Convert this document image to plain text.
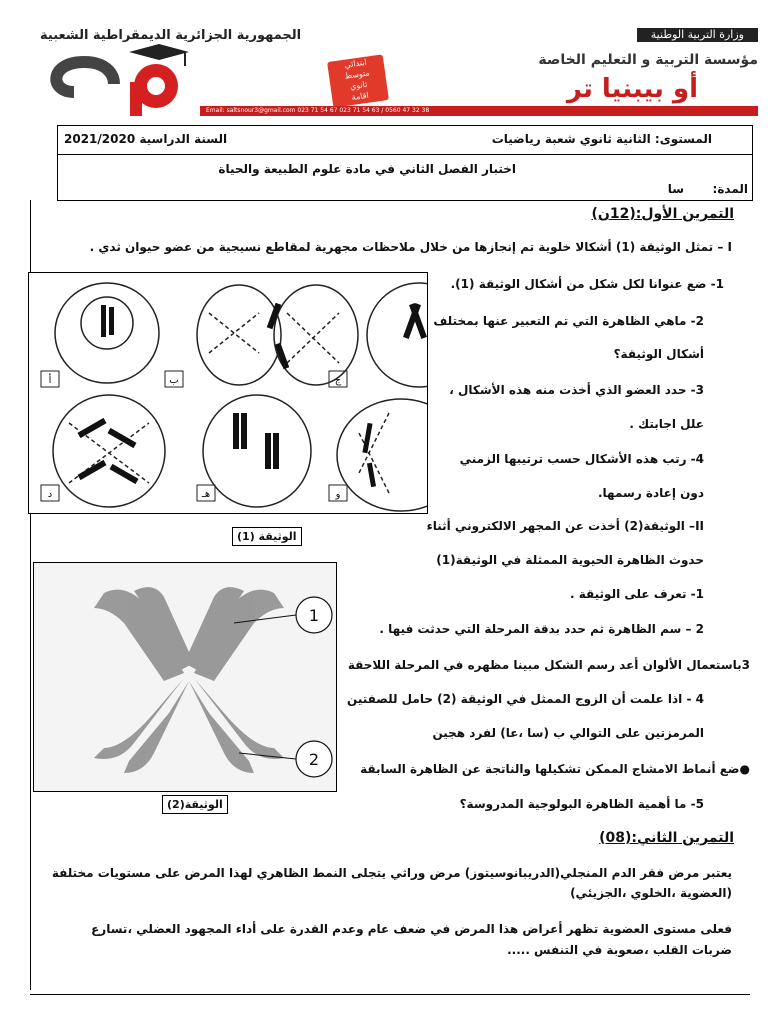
وزارة التربية الوطنية
الجمهورية الجزائرية الديمقراطية الشعبية
ابتدائي
متوسط
ثانوي
اقامة
مؤسسة التربية و التعليم الخاصة
أو بيبنيا تر
Email: saltsnour3@gmail.com 023 71 54 67 023 71 54 63 / 0560 47 32 38
المستوى: الثانية ثانوي شعبة رياضيات
السنة الدراسية 2021/2020
اختبار الفصل الثاني في مادة علوم الطبيعة والحياة
المدة:
سا
التمرين الأول:(12ن)
I – تمثل الوثيقة (1) أشكالا خلوية تم إنجازها من خلال ملاحظات مجهرية لمقاطع نسيجية من عضو حيوان ثدي .
1- ضع عنوانا لكل شكل من أشكال الوثيقة (1).
2- ماهي الظاهرة التي تم التعبير عنها بمختلف
أشكال الوثيقة؟
3- حدد العضو الذي أخذت منه هذه الأشكال ،
علل اجابتك .
4- رتب هذه الأشكال حسب ترتيبها الزمني
دون إعادة رسمها.
II– الوثيقة(2) أخذت عن المجهر الالكتروني أثناء
حدوث الظاهرة الحيوية الممثلة في الوثيقة(1)
1- تعرف على الوثيقة .
2 – سم الظاهرة ثم حدد بدقة المرحلة التي حدثت فيها .
3باستعمال الألوان أعد رسم الشكل مبينا مظهره في المرحلة اللاحقة
4 - اذا علمت أن الزوج الممثل في الوثيقة (2) حامل للصفتين
المرمزتين على التوالي ب (سا ،عا) لفرد هجين
●ضع أنماط الامشاج الممكن تشكيلها والناتجة عن الظاهرة السابقة
5- ما أهمية الظاهرة البولوجية المدروسة؟
أ	ب	ج
د	هـ	و
الوثيقة (1)
1
2
الوثيقة(2)
التمرين الثاني:(08)
يعتبر مرض فقر الدم المنجلي(الدريبانوسيتوز) مرض وراثي يتجلى النمط الظاهري لهذا المرض على مستويات مختلفة
(العضوية ،الخلوي ،الجزيئي)
فعلى مستوى العضوية تظهر أعراض هذا المرض في ضعف عام وعدم القدرة على أداء المجهود العضلي ،تسارع
ضربات القلب ،صعوبة في التنفس .....
